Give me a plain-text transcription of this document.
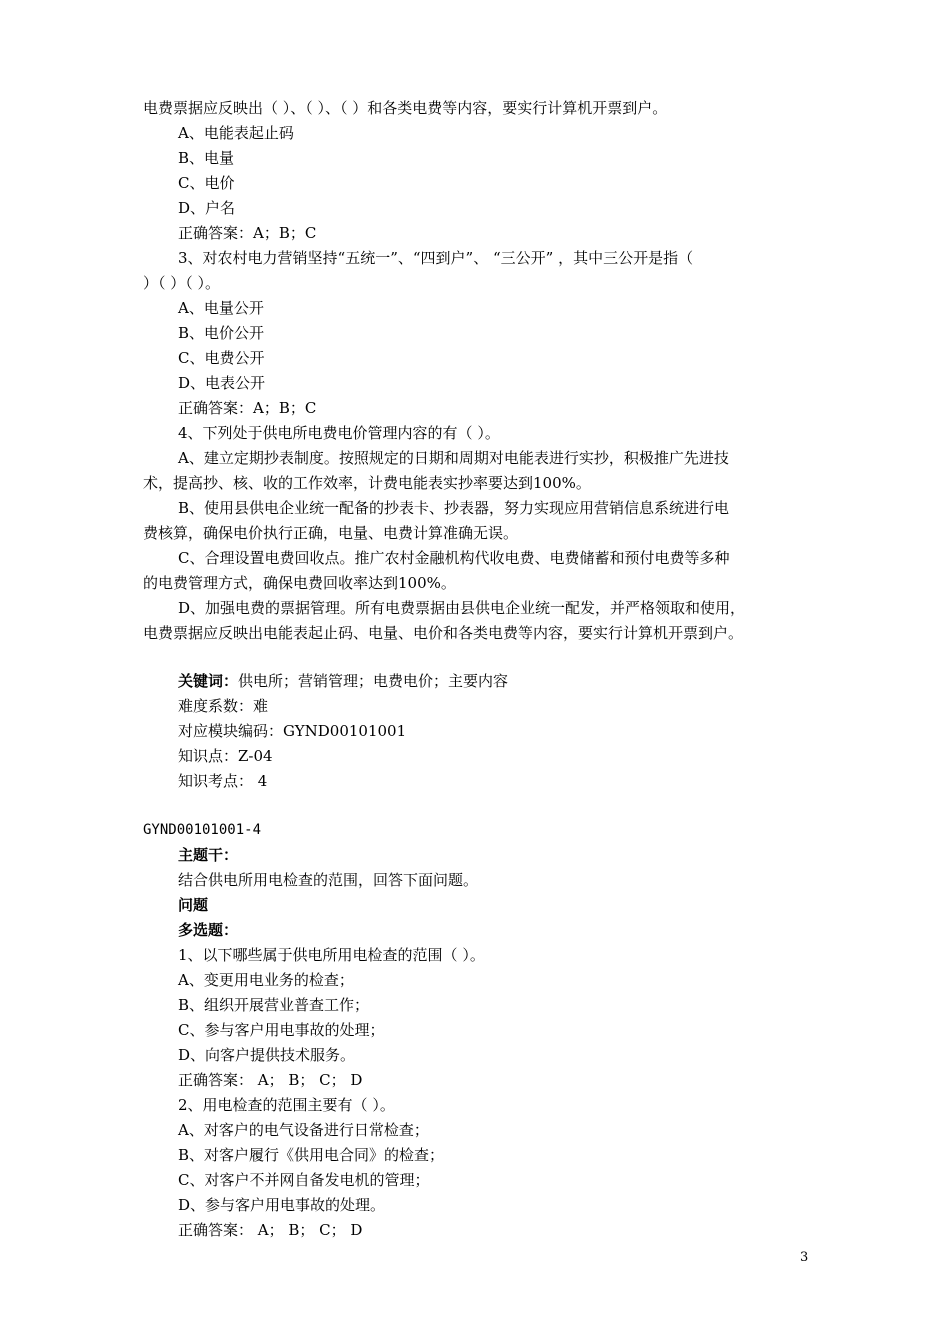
电费票据应反映出（ ）、（ ）、（ ）和各类电费等内容，要实行计算机开票到户。
A、电能表起止码
B、电量
C、电价
D、户名
正确答案：A；B；C
3、对农村电力营销坚持“五统一”、“四到户”、 “三公开” ，其中三公开是指（
）（ ）（ ）。
A、电量公开
B、电价公开
C、电费公开
D、电表公开
正确答案：A；B；C
4、下列处于供电所电费电价管理内容的有（ ）。
A、建立定期抄表制度。按照规定的日期和周期对电能表进行实抄，积极推广先进技
术，提高抄、核、收的工作效率，计费电能表实抄率要达到100%。
B、使用县供电企业统一配备的抄表卡、抄表器，努力实现应用营销信息系统进行电
费核算，确保电价执行正确，电量、电费计算准确无误。
C、合理设置电费回收点。推广农村金融机构代收电费、电费储蓄和预付电费等多种
的电费管理方式，确保电费回收率达到100%。
D、加强电费的票据管理。所有电费票据由县供电企业统一配发，并严格领取和使用，
电费票据应反映出电能表起止码、电量、电价和各类电费等内容，要实行计算机开票到户。
关键词：供电所；营销管理；电费电价；主要内容
难度系数：难
对应模块编码：GYND00101001
知识点：Z-04
知识考点： 4
GYND00101001-4
主题干：
结合供电所用电检查的范围，回答下面问题。
问题
多选题：
1、以下哪些属于供电所用电检查的范围（ ）。
A、变更用电业务的检查；
B、组织开展营业普查工作；
C、参与客户用电事故的处理；
D、向客户提供技术服务。
正确答案： A； B； C； D
2、用电检查的范围主要有（ ）。
A、对客户的电气设备进行日常检查；
B、对客户履行《供用电合同》的检查；
C、对客户不并网自备发电机的管理；
D、参与客户用电事故的处理。
正确答案： A； B； C； D
3
